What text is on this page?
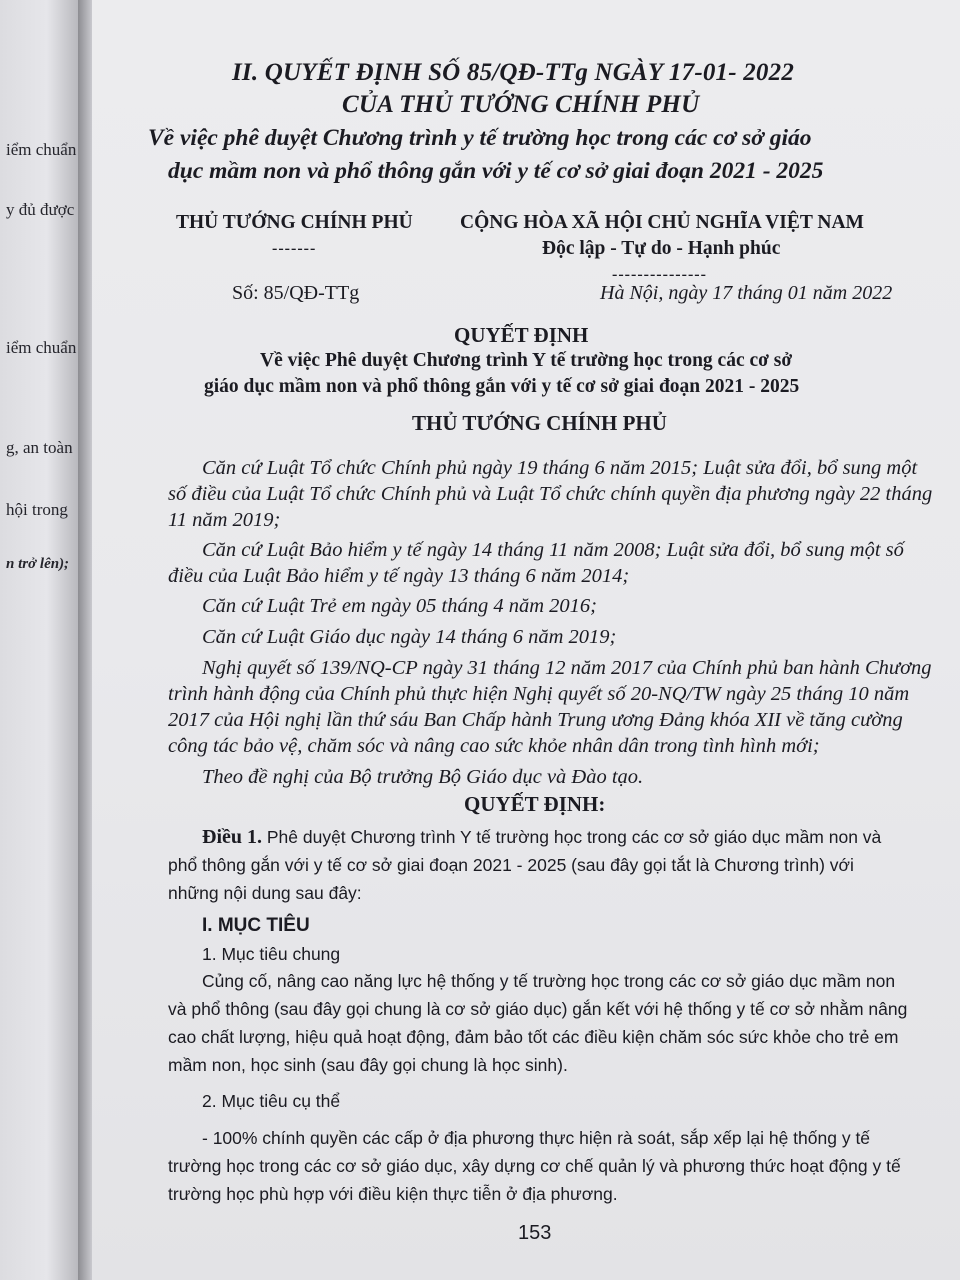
iểm chuẩn
y đủ được
iểm chuẩn
g, an toàn
hội trong
n trở lên);
II. QUYẾT ĐỊNH SỐ 85/QĐ-TTg NGÀY 17-01- 2022
CỦA THỦ TƯỚNG CHÍNH PHỦ
Về việc phê duyệt Chương trình y tế trường học trong các cơ sở giáo
dục mầm non và phổ thông gắn với y tế cơ sở giai đoạn 2021 - 2025
THỦ TƯỚNG CHÍNH PHỦ
-------
Số: 85/QĐ-TTg
CỘNG HÒA XÃ HỘI CHỦ NGHĨA VIỆT NAM
Độc lập - Tự do - Hạnh phúc
---------------
Hà Nội, ngày 17 tháng 01 năm 2022
QUYẾT ĐỊNH
Về việc Phê duyệt Chương trình Y tế trường học trong các cơ sở
giáo dục mầm non và phổ thông gắn với y tế cơ sở giai đoạn 2021 - 2025
THỦ TƯỚNG CHÍNH PHỦ
Căn cứ Luật Tổ chức Chính phủ ngày 19 tháng 6 năm 2015; Luật sửa đổi, bổ sung một
số điều của Luật Tổ chức Chính phủ và Luật Tổ chức chính quyền địa phương ngày 22 tháng
11 năm 2019;
Căn cứ Luật Bảo hiểm y tế ngày 14 tháng 11 năm 2008; Luật sửa đổi, bổ sung một số
điều của Luật Bảo hiểm y tế ngày 13 tháng 6 năm 2014;
Căn cứ Luật Trẻ em ngày 05 tháng 4 năm 2016;
Căn cứ Luật Giáo dục ngày 14 tháng 6 năm 2019;
Nghị quyết số 139/NQ-CP ngày 31 tháng 12 năm 2017 của Chính phủ ban hành Chương
trình hành động của Chính phủ thực hiện Nghị quyết số 20-NQ/TW ngày 25 tháng 10 năm
2017 của Hội nghị lần thứ sáu Ban Chấp hành Trung ương Đảng khóa XII về tăng cường
công tác bảo vệ, chăm sóc và nâng cao sức khỏe nhân dân trong tình hình mới;
Theo đề nghị của Bộ trưởng Bộ Giáo dục và Đào tạo.
QUYẾT ĐỊNH:
Điều 1. Phê duyệt Chương trình Y tế trường học trong các cơ sở giáo dục mầm non và
phổ thông gắn với y tế cơ sở giai đoạn 2021 - 2025 (sau đây gọi tắt là Chương trình) với
những nội dung sau đây:
I. MỤC TIÊU
1. Mục tiêu chung
Củng cố, nâng cao năng lực hệ thống y tế trường học trong các cơ sở giáo dục mầm non
và phổ thông (sau đây gọi chung là cơ sở giáo dục) gắn kết với hệ thống y tế cơ sở nhằm nâng
cao chất lượng, hiệu quả hoạt động, đảm bảo tốt các điều kiện chăm sóc sức khỏe cho trẻ em
mầm non, học sinh (sau đây gọi chung là học sinh).
2. Mục tiêu cụ thể
- 100% chính quyền các cấp ở địa phương thực hiện rà soát, sắp xếp lại hệ thống y tế
trường học trong các cơ sở giáo dục, xây dựng cơ chế quản lý và phương thức hoạt động y tế
trường học phù hợp với điều kiện thực tiễn ở địa phương.
153
